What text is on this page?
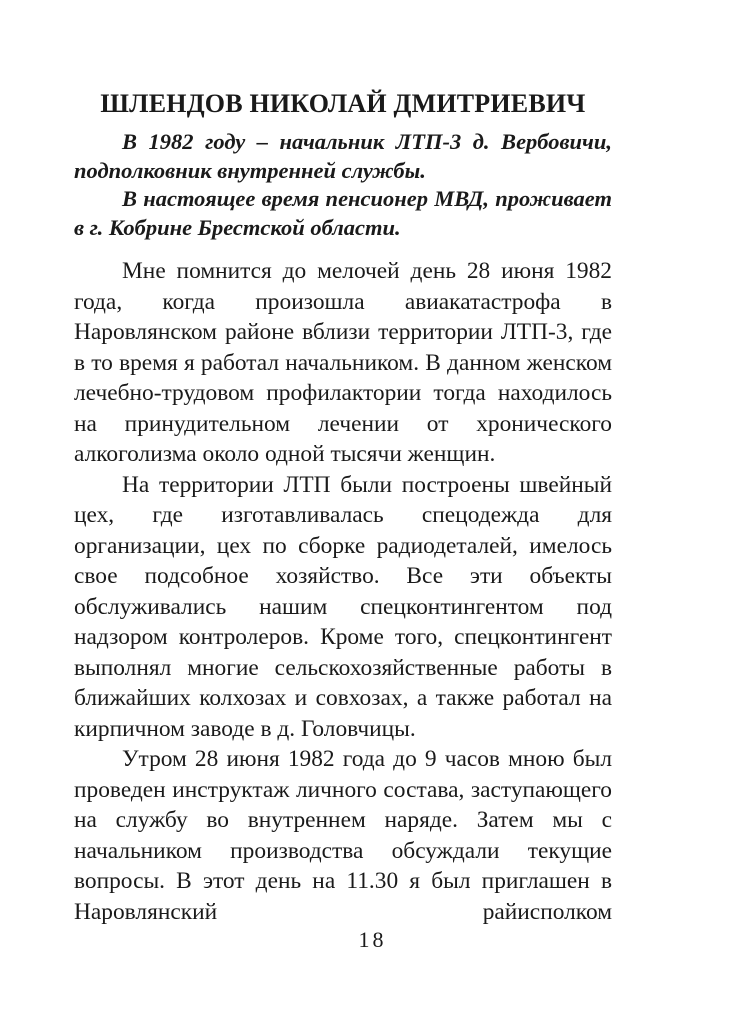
ШЛЕНДОВ НИКОЛАЙ ДМИТРИЕВИЧ

В 1982 году – начальник ЛТП-3 д. Вербовичи, подполковник внутренней службы.

В настоящее время пенсионер МВД, проживает в г. Кобрине Брестской области.

Мне помнится до мелочей день 28 июня 1982 года, когда произошла авиакатастрофа в Наровлянском районе вблизи территории ЛТП-3, где в то время я работал начальником. В данном женском лечебно-трудовом профилактории тогда находилось на принудительном лечении от хронического алкоголизма около одной тысячи женщин.

На территории ЛТП были построены швейный цех, где изготавливалась спецодежда для организации, цех по сборке радиодеталей, имелось свое подсобное хозяйство. Все эти объекты обслуживались нашим спецконтингентом под надзором контролеров. Кроме того, спецконтингент выполнял многие сельскохозяйственные работы в ближайших колхозах и совхозах, а также работал на кирпичном заводе в д. Головчицы.

Утром 28 июня 1982 года до 9 часов мною был проведен инструктаж личного состава, заступающего на службу во внутреннем наряде. Затем мы с начальником производства обсуждали текущие вопросы. В этот день на 11.30 я был приглашен в Наровлянский райисполком

18
